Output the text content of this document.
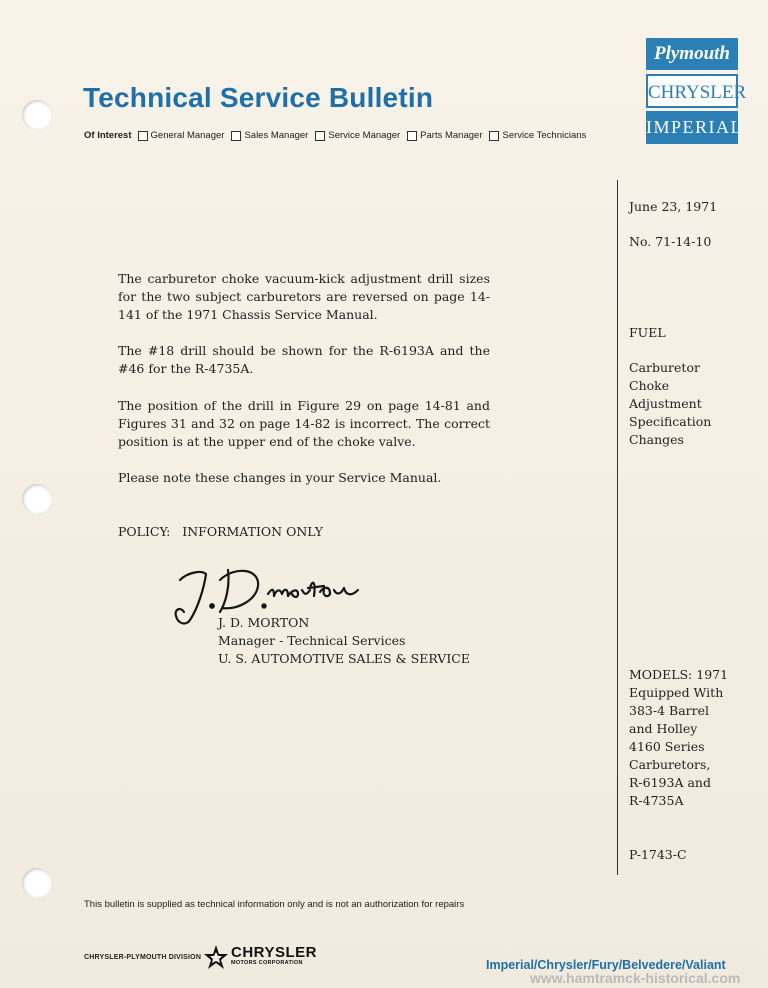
Technical Service Bulletin
Of Interest General Manager Sales Manager Service Manager Parts Manager Service Technicians
Plymouth
CHRYSLER
IMPERIAL
June 23, 1971
No. 71-14-10
FUEL
Carburetor
Choke
Adjustment
Specification
Changes
MODELS: 1971
Equipped With
383-4 Barrel
and Holley
4160 Series
Carburetors,
R-6193A and
R-4735A
P-1743-C

The carburetor choke vacuum-kick adjustment drill sizes for the two subject carburetors are reversed on page 14-141 of the 1971 Chassis Service Manual.

The #18 drill should be shown for the R-6193A and the #46 for the R-4735A.

The position of the drill in Figure 29 on page 14-81 and Figures 31 and 32 on page 14-82 is incorrect. The correct position is at the upper end of the choke valve.

Please note these changes in your Service Manual.

POLICY:   INFORMATION ONLY

J. D. MORTON
Manager - Technical Services
U. S. AUTOMOTIVE SALES & SERVICE
This bulletin is supplied as technical information only and is not an authorization for repairs
CHRYSLER-PLYMOUTH DIVISION CHRYSLER
MOTORS CORPORATION	Imperial/Chrysler/Fury/Belvedere/Valiant
www.hamtramck-historical.com
